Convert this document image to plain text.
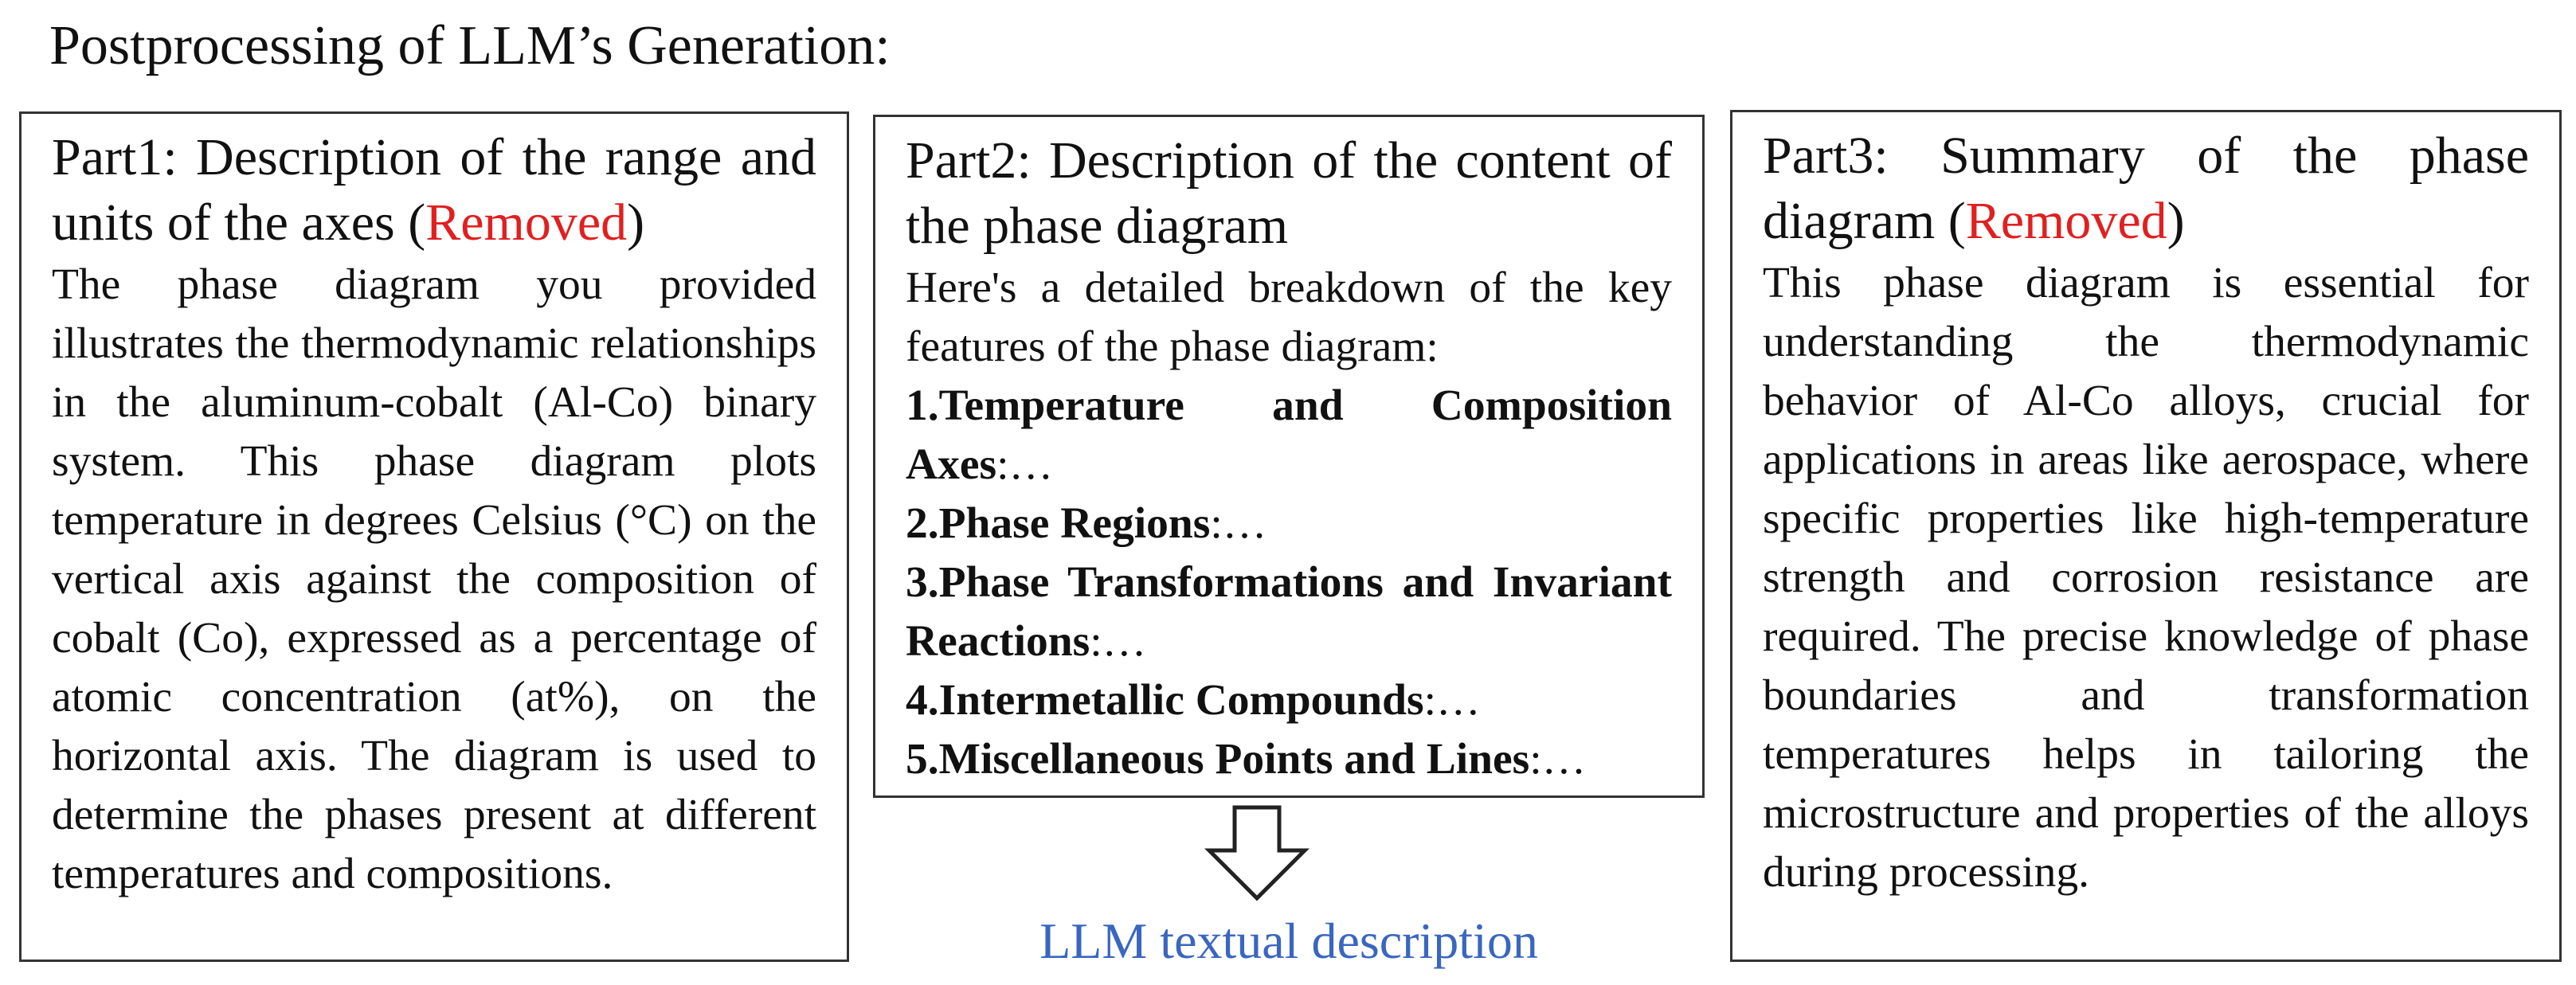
Postprocessing of LLM’s Generation:
Part1: Description of the range and units of the axes (Removed)
The phase diagram you provided illustrates the thermodynamic relationships in the aluminum-cobalt (Al-Co) binary system. This phase diagram plots temperature in degrees Celsius (°C) on the vertical axis against the composition of cobalt (Co), expressed as a percentage of atomic concentration (at%), on the horizontal axis. The diagram is used to determine the phases present at different temperatures and compositions.
Part2: Description of the content of the phase diagram
Here's a detailed breakdown of the key features of the phase diagram:
1.Temperature and Composition Axes:…
2.Phase Regions:…
3.Phase Transformations and Invariant Reactions:…
4.Intermetallic Compounds:…
5.Miscellaneous Points and Lines:…
Part3: Summary of the phase diagram (Removed)
This phase diagram is essential for understanding the thermodynamic behavior of Al-Co alloys, crucial for applications in areas like aerospace, where specific properties like high-temperature strength and corrosion resistance are required. The precise knowledge of phase boundaries and transformation temperatures helps in tailoring the microstructure and properties of the alloys during processing.
LLM textual description
